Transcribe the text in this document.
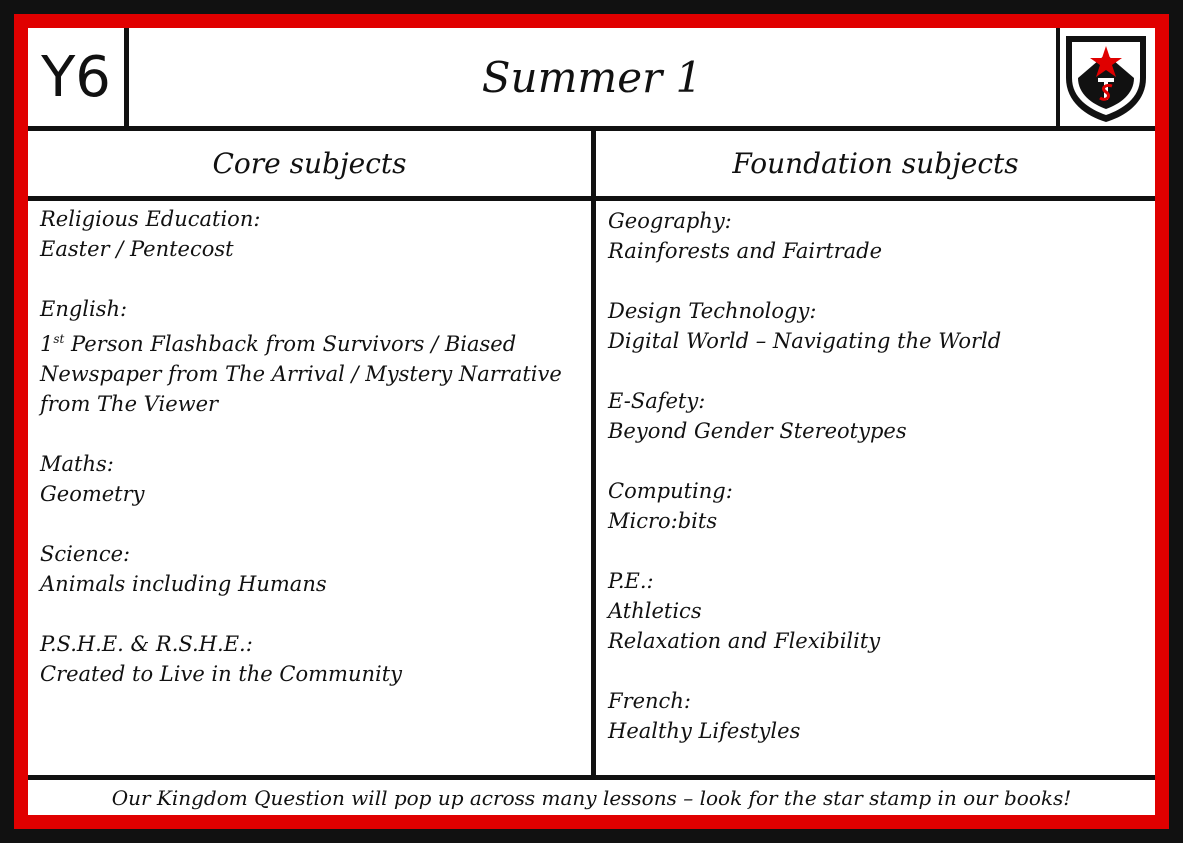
Y6	Summer 1
Core subjects	Foundation subjects
Religious Education:
Easter / Pentecost
English:
1st Person Flashback from Survivors / Biased
Newspaper from The Arrival / Mystery Narrative
from The Viewer
Maths:
Geometry
Science:
Animals including Humans
P.S.H.E. & R.S.H.E.:
Created to Live in the Community
Geography:
Rainforests and Fairtrade
Design Technology:
Digital World – Navigating the World
E-Safety:
Beyond Gender Stereotypes
Computing:
Micro:bits
P.E.:
Athletics
Relaxation and Flexibility
French:
Healthy Lifestyles
Our Kingdom Question will pop up across many lessons – look for the star stamp in our books!
